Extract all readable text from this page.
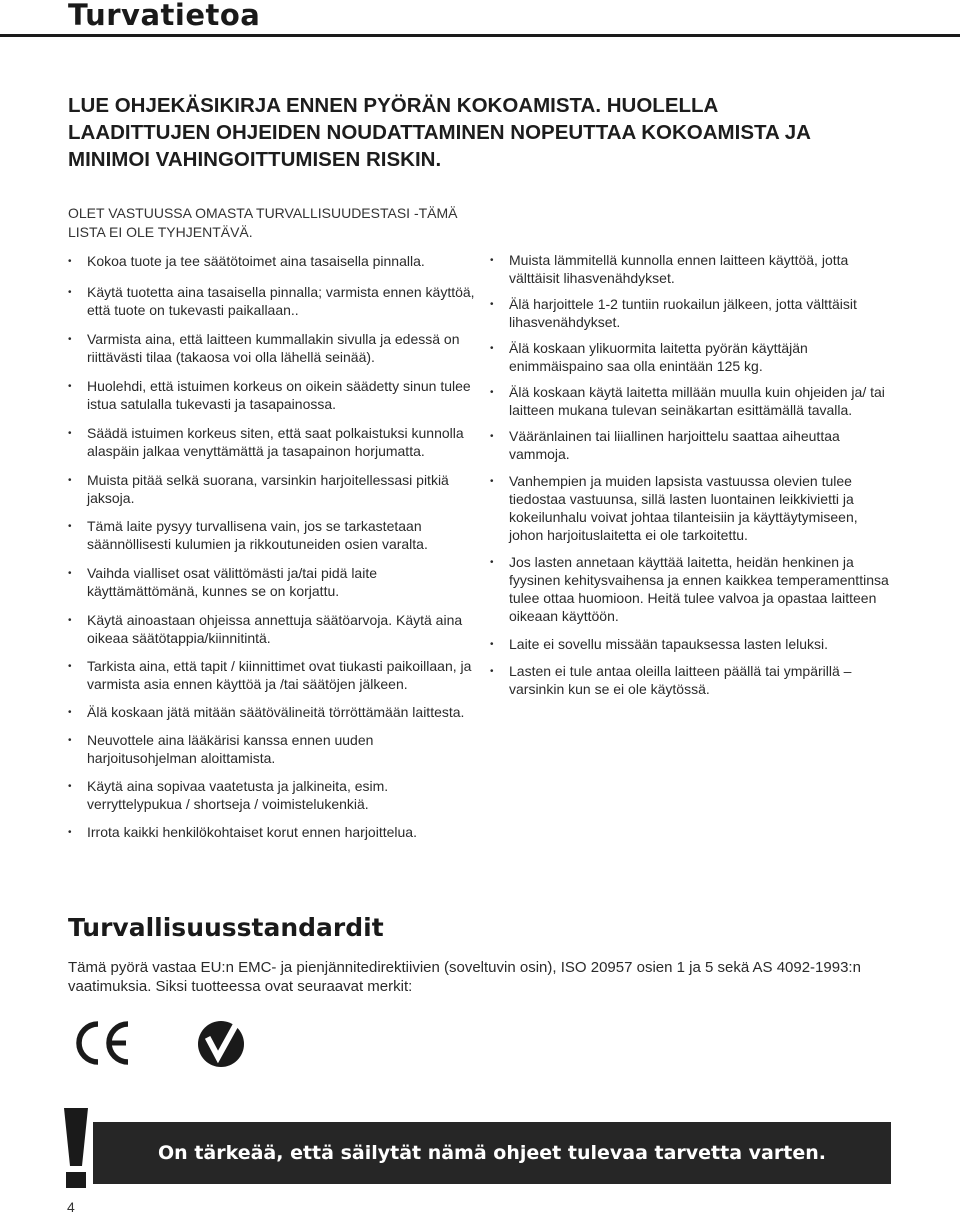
Turvatietoa
LUE OHJEKÄSIKIRJA ENNEN PYÖRÄN KOKOAMISTA. HUOLELLA LAADITTUJEN OHJEIDEN NOUDATTAMINEN NOPEUTTAA KOKOAMISTA JA MINIMOI VAHINGOITTUMISEN RISKIN.
OLET VASTUUSSA OMASTA TURVALLISUUDESTASI -TÄMÄ LISTA EI OLE TYHJENTÄVÄ.
• Kokoa tuote ja tee säätötoimet aina tasaisella pinnalla.
• Käytä tuotetta aina tasaisella pinnalla; varmista ennen käyttöä, että tuote on tukevasti paikallaan..
• Varmista aina, että laitteen kummallakin sivulla ja edessä on riittävästi tilaa (takaosa voi olla lähellä seinää).
• Huolehdi, että istuimen korkeus on oikein säädetty sinun tulee istua satulalla tukevasti ja tasapainossa.
• Säädä istuimen korkeus siten, että saat polkaistuksi kunnolla alaspäin jalkaa venyttämättä ja tasapainon horjumatta.
• Muista pitää selkä suorana, varsinkin harjoitellessasi pitkiä jaksoja.
• Tämä laite pysyy turvallisena vain, jos se tarkastetaan säännöllisesti kulumien ja rikkoutuneiden osien varalta.
• Vaihda vialliset osat välittömästi ja/tai pidä laite käyttämättömänä, kunnes se on korjattu.
• Käytä ainoastaan ohjeissa annettuja säätöarvoja. Käytä aina oikeaa säätötappia/kiinnitintä.
• Tarkista aina, että tapit / kiinnittimet ovat tiukasti paikoillaan, ja varmista asia ennen käyttöä ja /tai säätöjen jälkeen.
• Älä koskaan jätä mitään säätövälineitä törröttämään laittesta.
• Neuvottele aina lääkärisi kanssa ennen uuden harjoitusohjelman aloittamista.
• Käytä aina sopivaa vaatetusta ja jalkineita, esim. verryttelypukua / shortseja / voimistelukenkiä.
• Irrota kaikki henkilökohtaiset korut ennen harjoittelua.
• Muista lämmitellä kunnolla ennen laitteen käyttöä, jotta välttäisit lihasvenähdykset.
• Älä harjoittele 1-2 tuntiin ruokailun jälkeen, jotta välttäisit lihasvenähdykset.
• Älä koskaan ylikuormita laitetta pyörän käyttäjän enimmäispaino saa olla enintään 125 kg.
• Älä koskaan käytä laitetta millään muulla kuin ohjeiden ja/ tai laitteen mukana tulevan seinäkartan esittämällä tavalla.
• Vääränlainen tai liiallinen harjoittelu saattaa aiheuttaa vammoja.
• Vanhempien ja muiden lapsista vastuussa olevien tulee tiedostaa vastuunsa, sillä lasten luontainen leikkivietti ja kokeilunhalu voivat johtaa tilanteisiin ja käyttäytymiseen, johon harjoituslaitetta ei ole tarkoitettu.
• Jos lasten annetaan käyttää laitetta, heidän henkinen ja fyysinen kehitysvaihensa ja ennen kaikkea temperamenttinsa tulee ottaa huomioon. Heitä tulee valvoa ja opastaa laitteen oikeaan käyttöön.
• Laite ei sovellu missään tapauksessa lasten leluksi.
• Lasten ei tule antaa oleilla laitteen päällä tai ympärillä – varsinkin kun se ei ole käytössä.
Turvallisuusstandardit
Tämä pyörä vastaa EU:n EMC- ja pienjännitedirektiivien (soveltuvin osin), ISO 20957 osien 1 ja 5 sekä AS 4092-1993:n vaatimuksia. Siksi tuotteessa ovat seuraavat merkit:
On tärkeää, että säilytät nämä ohjeet tulevaa tarvetta varten.
4
